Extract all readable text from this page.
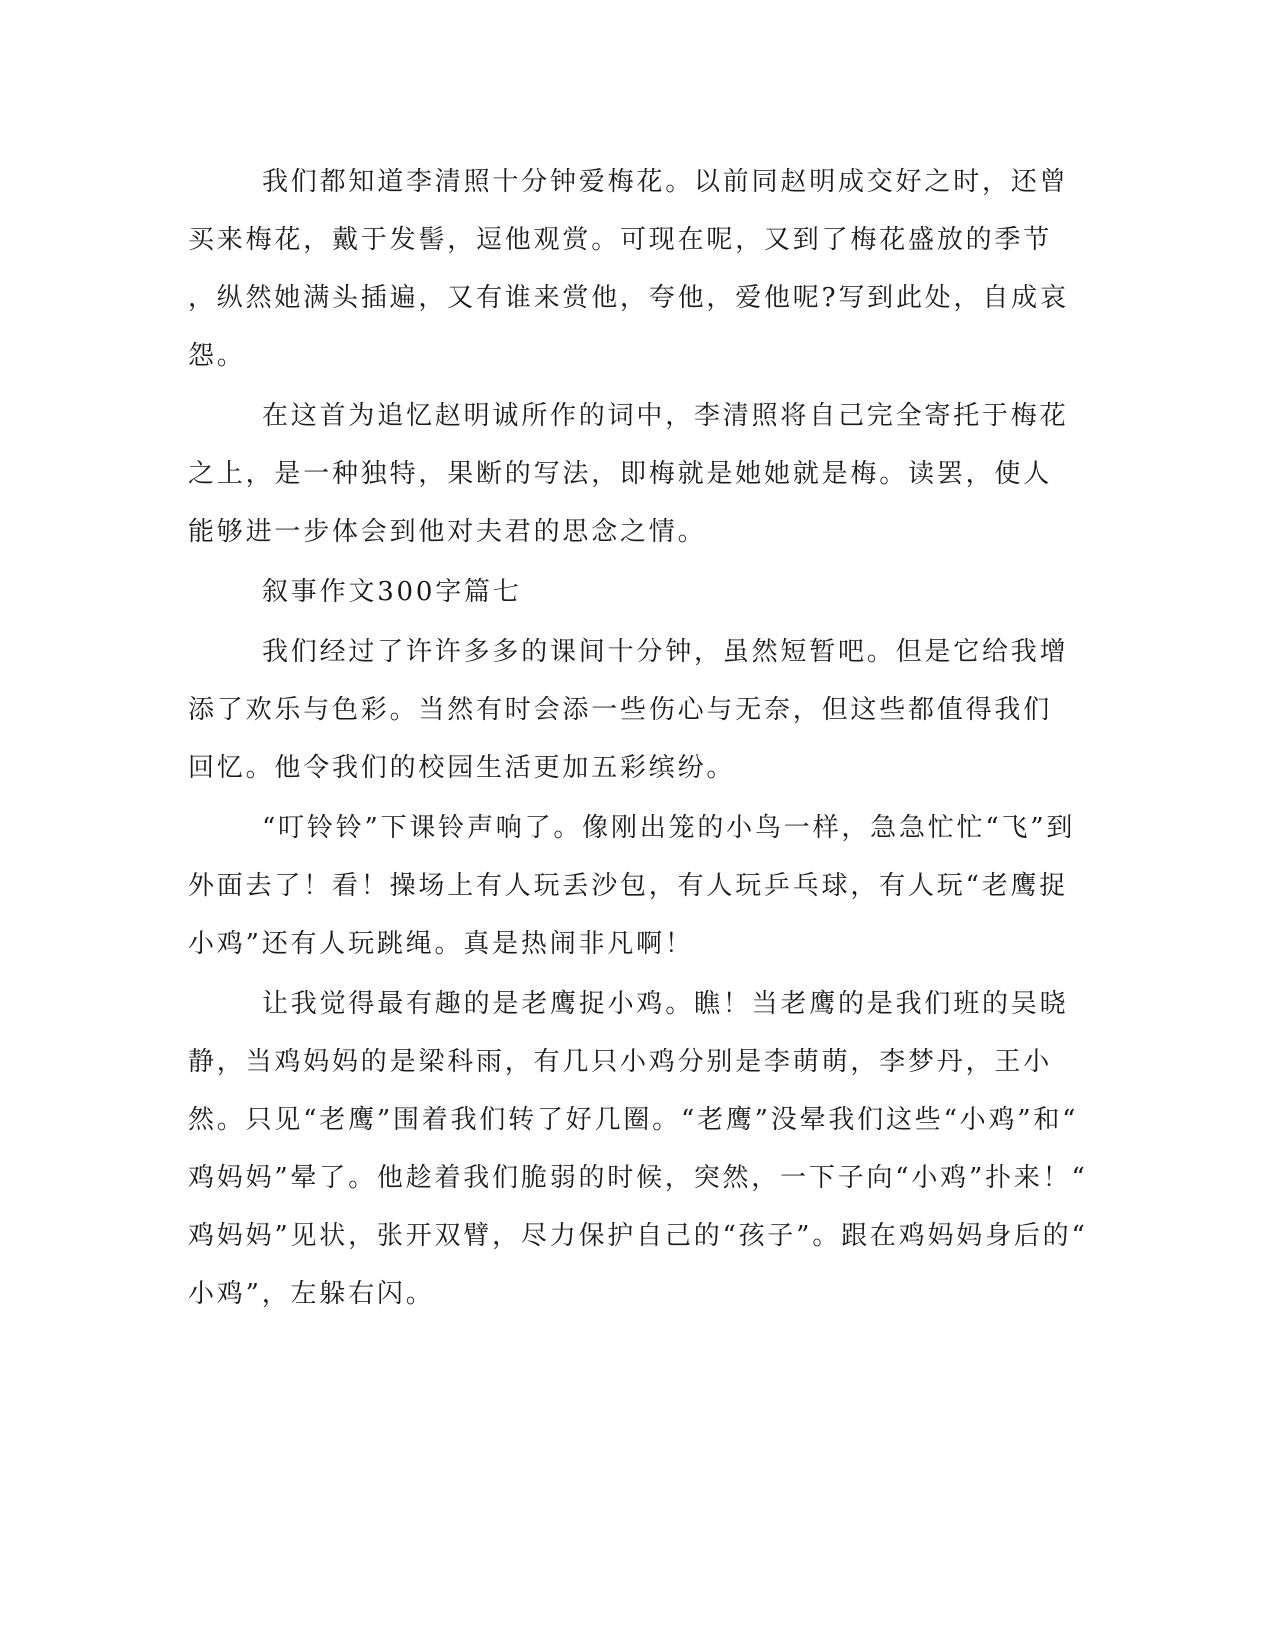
我们都知道李清照十分钟爱梅花。以前同赵明成交好之时，还曾
买来梅花，戴于发髻，逗他观赏。可现在呢，又到了梅花盛放的季节
，纵然她满头插遍，又有谁来赏他，夸他，爱他呢?写到此处，自成哀
怨。
在这首为追忆赵明诚所作的词中，李清照将自己完全寄托于梅花
之上，是一种独特，果断的写法，即梅就是她她就是梅。读罢，使人
能够进一步体会到他对夫君的思念之情。
叙事作文300字篇七
我们经过了许许多多的课间十分钟，虽然短暂吧。但是它给我增
添了欢乐与色彩。当然有时会添一些伤心与无奈，但这些都值得我们
回忆。他令我们的校园生活更加五彩缤纷。
“叮铃铃”下课铃声响了。像刚出笼的小鸟一样，急急忙忙“飞”到
外面去了！看！操场上有人玩丢沙包，有人玩乒乓球，有人玩“老鹰捉
小鸡”还有人玩跳绳。真是热闹非凡啊！
让我觉得最有趣的是老鹰捉小鸡。瞧！当老鹰的是我们班的吴晓
静，当鸡妈妈的是梁科雨，有几只小鸡分别是李萌萌，李梦丹，王小
然。只见“老鹰”围着我们转了好几圈。“老鹰”没晕我们这些“小鸡”和“
鸡妈妈”晕了。他趁着我们脆弱的时候，突然，一下子向“小鸡”扑来！“
鸡妈妈”见状，张开双臂，尽力保护自己的“孩子”。跟在鸡妈妈身后的“
小鸡”，左躲右闪。
